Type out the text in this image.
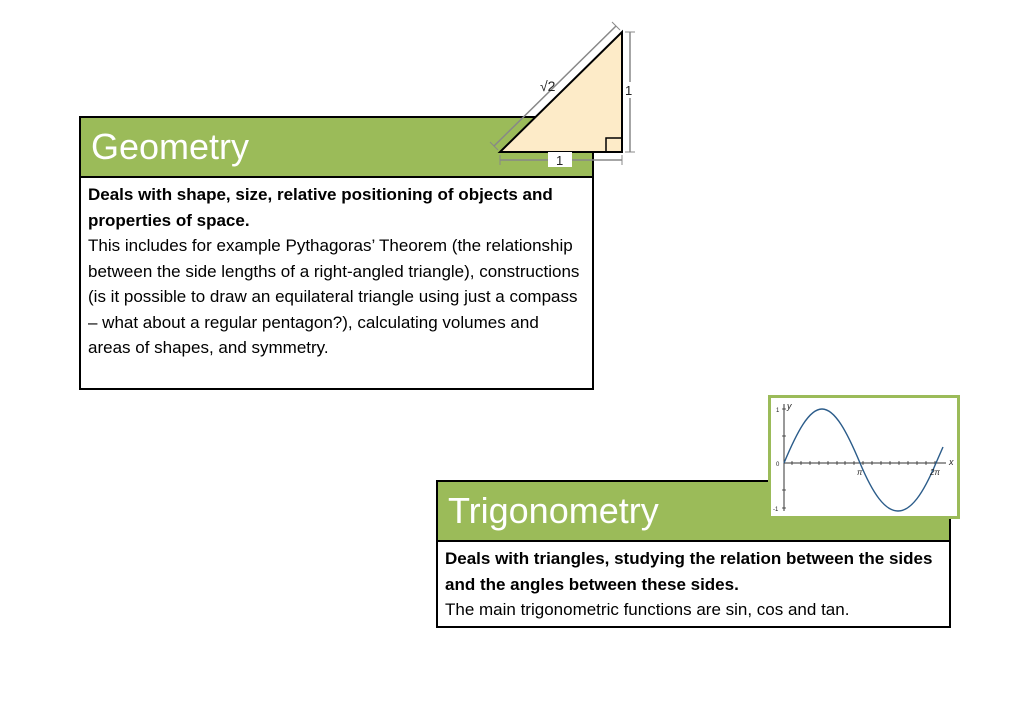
Geometry
Deals with shape, size, relative positioning of objects and properties of space.
This includes for example Pythagoras’ Theorem (the relationship between the side lengths of a right-angled triangle), constructions (is it possible to draw an equilateral triangle using just a compass – what about a regular pentagon?), calculating volumes and areas of shapes, and symmetry.
√2	1
1
Trigonometry
Deals with triangles, studying the relation between the sides and the angles between these sides.
The main trigonometric functions are sin, cos and tan.
y
x
1
0
-1
π	2π
